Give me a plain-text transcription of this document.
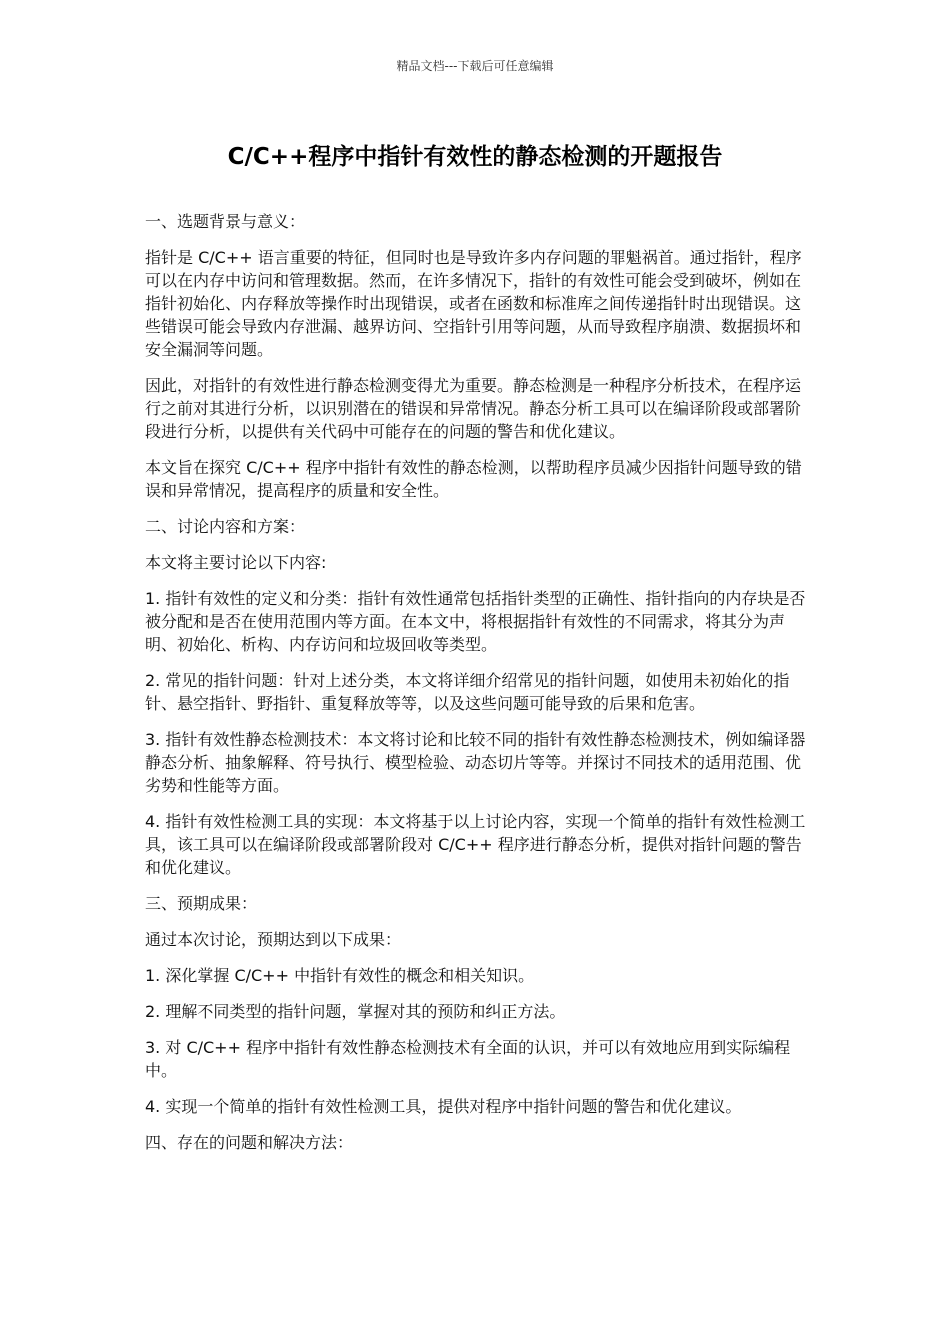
精品文档---下载后可任意编辑
C/C++程序中指针有效性的静态检测的开题报告

一、选题背景与意义：

指针是 C/C++ 语言重要的特征，但同时也是导致许多内存问题的罪魁祸首。通过指针，程序可以在内存中访问和管理数据。然而，在许多情况下，指针的有效性可能会受到破坏，例如在指针初始化、内存释放等操作时出现错误，或者在函数和标准库之间传递指针时出现错误。这些错误可能会导致内存泄漏、越界访问、空指针引用等问题，从而导致程序崩溃、数据损坏和安全漏洞等问题。

因此，对指针的有效性进行静态检测变得尤为重要。静态检测是一种程序分析技术，在程序运行之前对其进行分析，以识别潜在的错误和异常情况。静态分析工具可以在编译阶段或部署阶段进行分析，以提供有关代码中可能存在的问题的警告和优化建议。

本文旨在探究 C/C++ 程序中指针有效性的静态检测，以帮助程序员减少因指针问题导致的错误和异常情况，提高程序的质量和安全性。

二、讨论内容和方案：

本文将主要讨论以下内容:

1. 指针有效性的定义和分类：指针有效性通常包括指针类型的正确性、指针指向的内存块是否被分配和是否在使用范围内等方面。在本文中，将根据指针有效性的不同需求，将其分为声明、初始化、析构、内存访问和垃圾回收等类型。

2. 常见的指针问题：针对上述分类，本文将详细介绍常见的指针问题，如使用未初始化的指针、悬空指针、野指针、重复释放等等，以及这些问题可能导致的后果和危害。

3. 指针有效性静态检测技术：本文将讨论和比较不同的指针有效性静态检测技术，例如编译器静态分析、抽象解释、符号执行、模型检验、动态切片等等。并探讨不同技术的适用范围、优劣势和性能等方面。

4. 指针有效性检测工具的实现：本文将基于以上讨论内容，实现一个简单的指针有效性检测工具，该工具可以在编译阶段或部署阶段对 C/C++ 程序进行静态分析，提供对指针问题的警告和优化建议。

三、预期成果：

通过本次讨论，预期达到以下成果：

1. 深化掌握 C/C++ 中指针有效性的概念和相关知识。

2. 理解不同类型的指针问题，掌握对其的预防和纠正方法。

3. 对 C/C++ 程序中指针有效性静态检测技术有全面的认识，并可以有效地应用到实际编程中。

4. 实现一个简单的指针有效性检测工具，提供对程序中指针问题的警告和优化建议。

四、存在的问题和解决方法：
